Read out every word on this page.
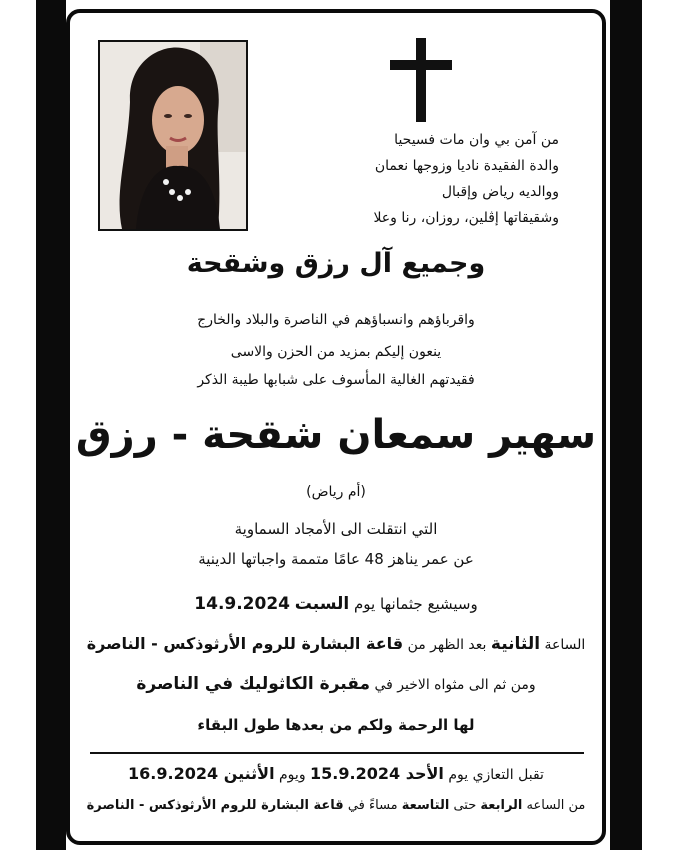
من آمن بي وان مات فسيحيا
والدة الفقيدة ناديا وزوجها نعمان
ووالديه رياض وإقبال
وشقيقاتها إڤلين، روزان، رنا وعلا
وجميع آل رزق وشقحة
واقرباؤهم وانسباؤهم في الناصرة والبلاد والخارج
ينعون إليكم بمزيد من الحزن والاسى
فقيدتهم الغالية المأسوف على شبابها طيبة الذكر
سهير سمعان شقحة - رزق
(أم رياض)
التي انتقلت الى الأمجاد السماوية
عن عمر يناهز 48 عامًا متممة واجباتها الدينية
وسيشيع جثمانها يوم السبت 14.9.2024
الساعة الثانية بعد الظهر من قاعة البشارة للروم الأرثوذكس - الناصرة
ومن ثم الى مثواه الاخير في مقبرة الكاثوليك في الناصرة
لها الرحمة ولكم من بعدها طول البقاء
تقبل التعازي يوم الأحد 15.9.2024 ويوم الأثنين 16.9.2024
من الساعه الرابعة حتى التاسعة مساءً في قاعة البشارة للروم الأرثوذكس - الناصرة
